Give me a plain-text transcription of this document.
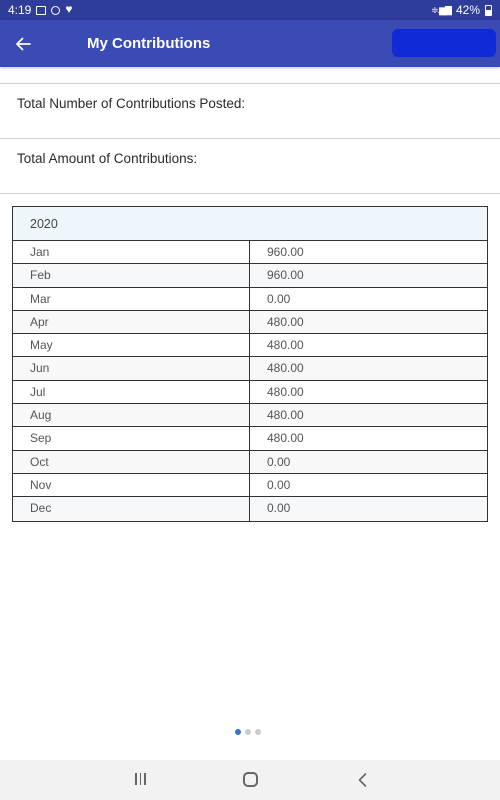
4:19
♥	≑.▆▇ 42%
My Contributions
Total Number of Contributions Posted:
Total Amount of Contributions:
2020
Jan	960.00
Feb	960.00
Mar	0.00
Apr	480.00
May	480.00
Jun	480.00
Jul	480.00
Aug	480.00
Sep	480.00
Oct	0.00
Nov	0.00
Dec	0.00
